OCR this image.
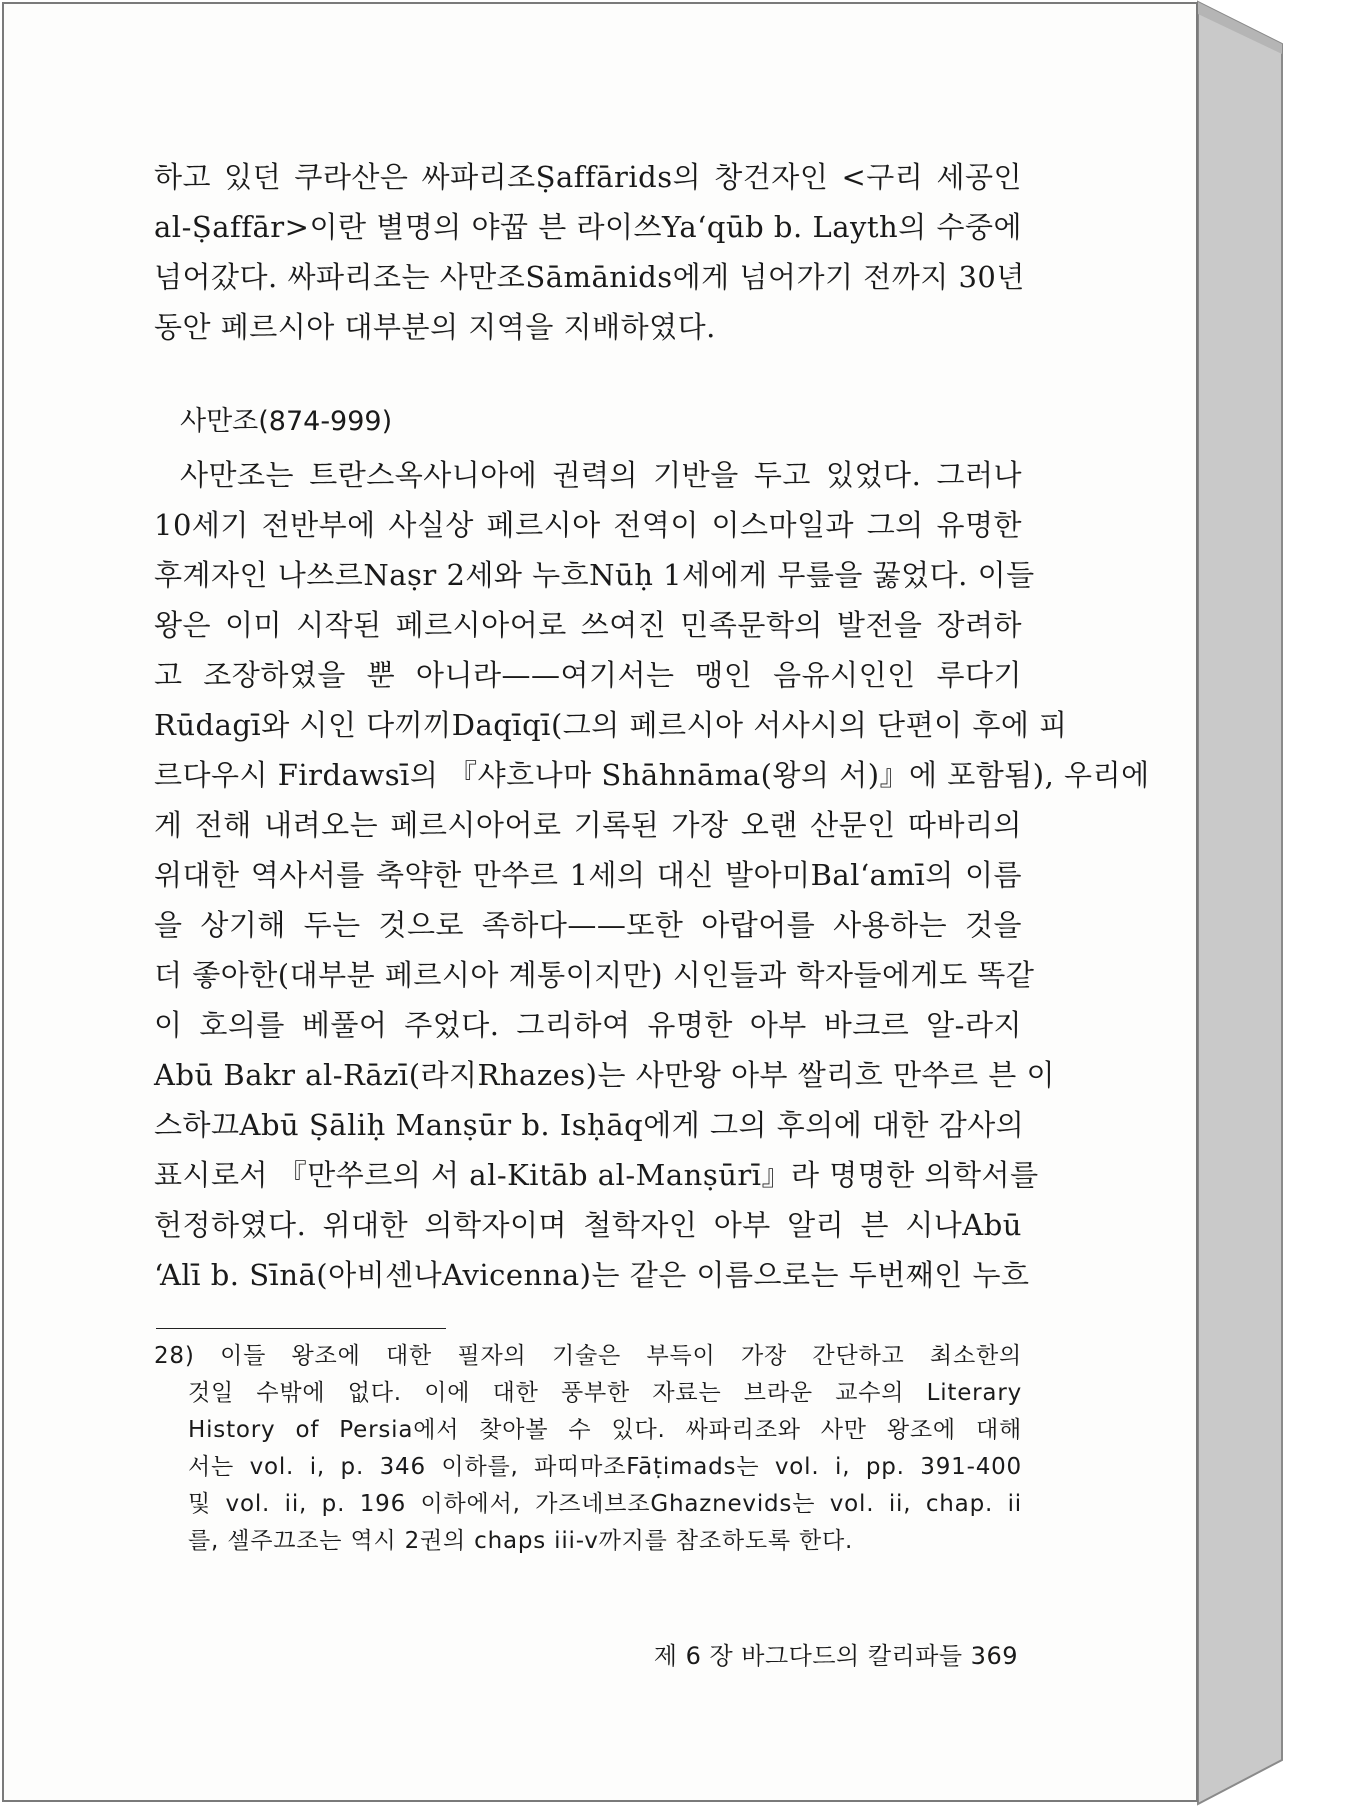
하고 있던 쿠라산은 싸파리조Ṣaffārids의 창건자인 <구리 세공인
al-Ṣaffār>이란 별명의 야꿉 븐 라이쓰Ya‘qūb b. Layth의 수중에
넘어갔다. 싸파리조는 사만조Sāmānids에게 넘어가기 전까지 30년
동안 페르시아 대부분의 지역을 지배하였다.
사만조(874-999)
사만조는 트란스옥사니아에 권력의 기반을 두고 있었다. 그러나
10세기 전반부에 사실상 페르시아 전역이 이스마일과 그의 유명한
후계자인 나쓰르Naṣr 2세와 누흐Nūḥ 1세에게 무릎을 꿇었다. 이들
왕은 이미 시작된 페르시아어로 쓰여진 민족문학의 발전을 장려하
고 조장하였을 뿐 아니라——여기서는 맹인 음유시인인 루다기
Rūdagī와 시인 다끼끼Daqīqī(그의 페르시아 서사시의 단편이 후에 피
르다우시 Firdawsī의 『샤흐나마 Shāhnāma(왕의 서)』에 포함됨), 우리에
게 전해 내려오는 페르시아어로 기록된 가장 오랜 산문인 따바리의
위대한 역사서를 축약한 만쑤르 1세의 대신 발아미Bal‘amī의 이름
을 상기해 두는 것으로 족하다——또한 아랍어를 사용하는 것을
더 좋아한(대부분 페르시아 계통이지만) 시인들과 학자들에게도 똑같
이 호의를 베풀어 주었다. 그리하여 유명한 아부 바크르 알-라지
Abū Bakr al-Rāzī(라지Rhazes)는 사만왕 아부 쌀리흐 만쑤르 븐 이
스하끄Abū Ṣāliḥ Manṣūr b. Isḥāq에게 그의 후의에 대한 감사의
표시로서 『만쑤르의 서 al-Kitāb al-Manṣūrī』라 명명한 의학서를
헌정하였다. 위대한 의학자이며 철학자인 아부 알리 븐 시나Abū
‘Alī b. Sīnā(아비센나Avicenna)는 같은 이름으로는 두번째인 누흐
28) 이들 왕조에 대한 필자의 기술은 부득이 가장 간단하고 최소한의
것일 수밖에 없다. 이에 대한 풍부한 자료는 브라운 교수의 Literary
History of Persia에서 찾아볼 수 있다. 싸파리조와 사만 왕조에 대해
서는 vol. i, p. 346 이하를, 파띠마조Fāṭimads는 vol. i, pp. 391-400
및 vol. ii, p. 196 이하에서, 가즈네브조Ghaznevids는 vol. ii, chap. ii
를, 셀주끄조는 역시 2권의 chaps iii-v까지를 참조하도록 한다.
제 6 장 바그다드의 칼리파들 369
